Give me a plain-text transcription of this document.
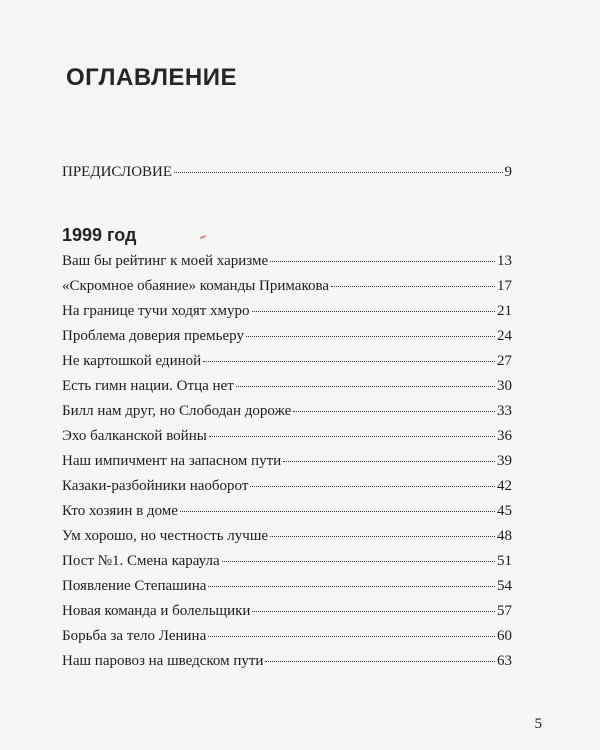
ОГЛАВЛЕНИЕ
ПРЕДИСЛОВИЕ	9
1999 год
Ваш бы рейтинг к моей харизме	13
«Скромное обаяние» команды Примакова	17
На границе тучи ходят хмуро	21
Проблема доверия премьеру	24
Не картошкой единой	27
Есть гимн нации. Отца нет	30
Билл нам друг, но Слободан дороже	33
Эхо балканской войны	36
Наш импичмент на запасном пути	39
Казаки-разбойники наоборот	42
Кто хозяин в доме	45
Ум хорошо, но честность лучше	48
Пост №1. Смена караула	51
Появление Степашина	54
Новая команда и болельщики	57
Борьба за тело Ленина	60
Наш паровоз на шведском пути	63
5
